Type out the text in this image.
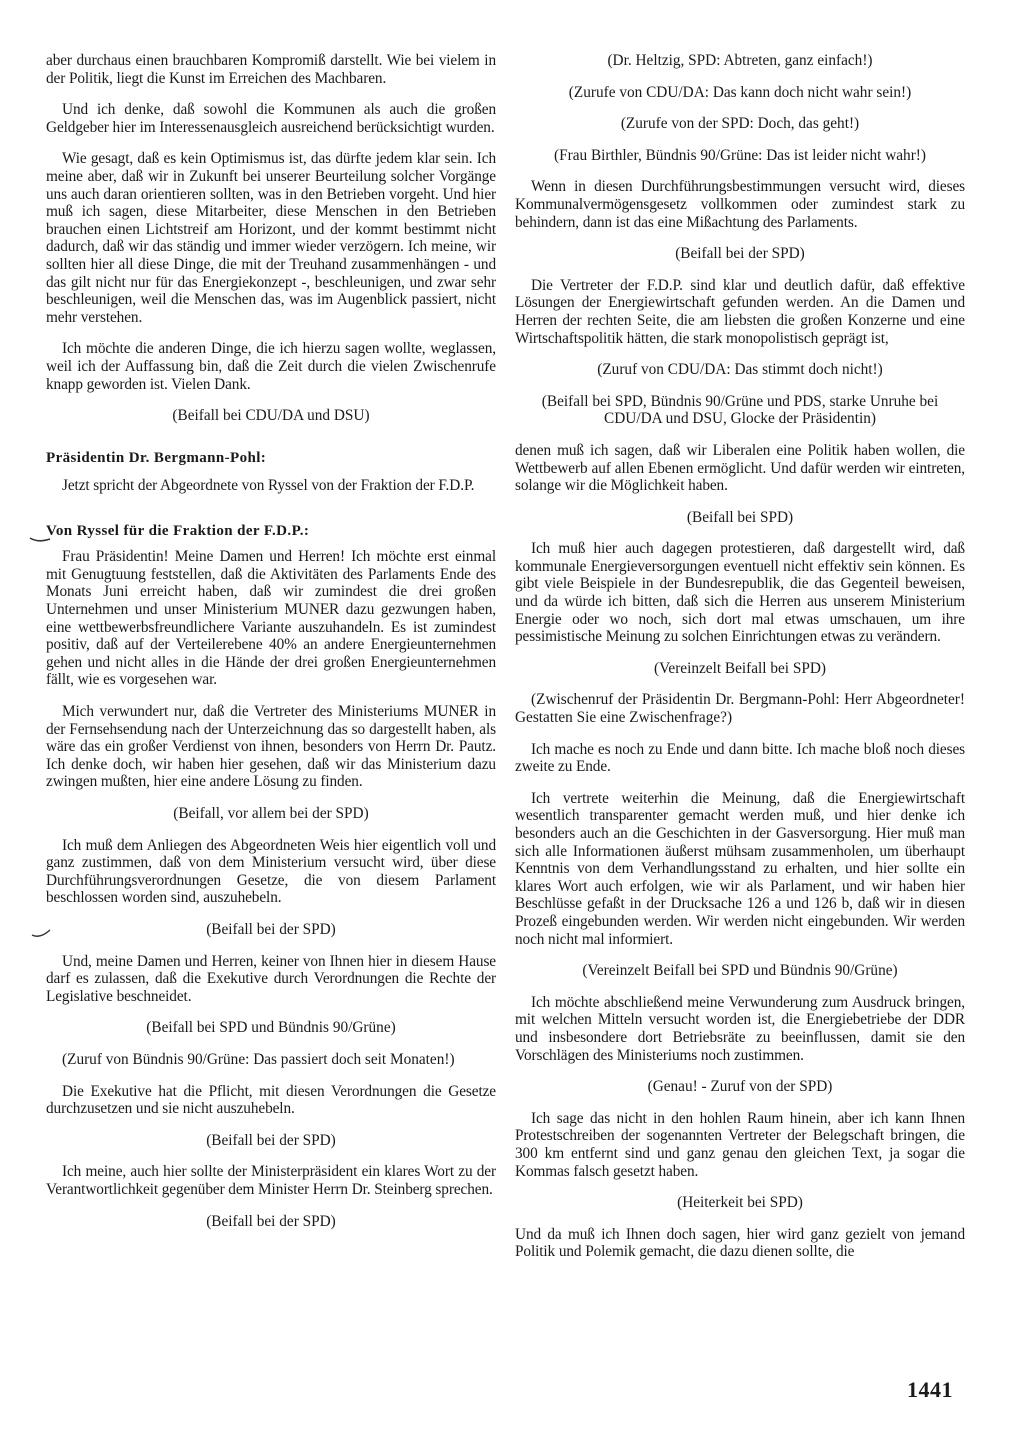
aber durchaus einen brauchbaren Kompromiß darstellt. Wie bei vielem in der Politik, liegt die Kunst im Erreichen des Machbaren.

Und ich denke, daß sowohl die Kommunen als auch die großen Geldgeber hier im Interessenausgleich ausreichend berücksichtigt wurden.

Wie gesagt, daß es kein Optimismus ist, das dürfte jedem klar sein. Ich meine aber, daß wir in Zukunft bei unserer Beurteilung solcher Vorgänge uns auch daran orientieren sollten, was in den Betrieben vorgeht. Und hier muß ich sagen, diese Mitarbeiter, diese Menschen in den Betrieben brauchen einen Lichtstreif am Horizont, und der kommt bestimmt nicht dadurch, daß wir das ständig und immer wieder verzögern. Ich meine, wir sollten hier all diese Dinge, die mit der Treuhand zusammenhängen - und das gilt nicht nur für das Energiekonzept -, beschleunigen, und zwar sehr beschleunigen, weil die Menschen das, was im Augenblick passiert, nicht mehr verstehen.

Ich möchte die anderen Dinge, die ich hierzu sagen wollte, weglassen, weil ich der Auffassung bin, daß die Zeit durch die vielen Zwischenrufe knapp geworden ist. Vielen Dank.

(Beifall bei CDU/DA und DSU)

Präsidentin Dr. Bergmann-Pohl:

Jetzt spricht der Abgeordnete von Ryssel von der Fraktion der F.D.P.

Von Ryssel für die Fraktion der F.D.P.:

Frau Präsidentin! Meine Damen und Herren! Ich möchte erst einmal mit Genugtuung feststellen, daß die Aktivitäten des Parlaments Ende des Monats Juni erreicht haben, daß wir zumindest die drei großen Unternehmen und unser Ministerium MUNER dazu gezwungen haben, eine wettbewerbsfreundlichere Variante auszuhandeln. Es ist zumindest positiv, daß auf der Verteilerebene 40% an andere Energieunternehmen gehen und nicht alles in die Hände der drei großen Energieunternehmen fällt, wie es vorgesehen war.

Mich verwundert nur, daß die Vertreter des Ministeriums MUNER in der Fernsehsendung nach der Unterzeichnung das so dargestellt haben, als wäre das ein großer Verdienst von ihnen, besonders von Herrn Dr. Pautz. Ich denke doch, wir haben hier gesehen, daß wir das Ministerium dazu zwingen mußten, hier eine andere Lösung zu finden.

(Beifall, vor allem bei der SPD)

Ich muß dem Anliegen des Abgeordneten Weis hier eigentlich voll und ganz zustimmen, daß von dem Ministerium versucht wird, über diese Durchführungsverordnungen Gesetze, die von diesem Parlament beschlossen worden sind, auszuhebeln.

(Beifall bei der SPD)

Und, meine Damen und Herren, keiner von Ihnen hier in diesem Hause darf es zulassen, daß die Exekutive durch Verordnungen die Rechte der Legislative beschneidet.

(Beifall bei SPD und Bündnis 90/Grüne)

(Zuruf von Bündnis 90/Grüne: Das passiert doch seit Monaten!)

Die Exekutive hat die Pflicht, mit diesen Verordnungen die Gesetze durchzusetzen und sie nicht auszuhebeln.

(Beifall bei der SPD)

Ich meine, auch hier sollte der Ministerpräsident ein klares Wort zu der Verantwortlichkeit gegenüber dem Minister Herrn Dr. Steinberg sprechen.

(Beifall bei der SPD)

(Dr. Heltzig, SPD: Abtreten, ganz einfach!)

(Zurufe von CDU/DA: Das kann doch nicht wahr sein!)

(Zurufe von der SPD: Doch, das geht!)

(Frau Birthler, Bündnis 90/Grüne: Das ist leider nicht wahr!)

Wenn in diesen Durchführungsbestimmungen versucht wird, dieses Kommunalvermögensgesetz vollkommen oder zumindest stark zu behindern, dann ist das eine Mißachtung des Parlaments.

(Beifall bei der SPD)

Die Vertreter der F.D.P. sind klar und deutlich dafür, daß effektive Lösungen der Energiewirtschaft gefunden werden. An die Damen und Herren der rechten Seite, die am liebsten die großen Konzerne und eine Wirtschaftspolitik hätten, die stark monopolistisch geprägt ist,

(Zuruf von CDU/DA: Das stimmt doch nicht!)

(Beifall bei SPD, Bündnis 90/Grüne und PDS, starke Unruhe bei CDU/DA und DSU, Glocke der Präsidentin)

denen muß ich sagen, daß wir Liberalen eine Politik haben wollen, die Wettbewerb auf allen Ebenen ermöglicht. Und dafür werden wir eintreten, solange wir die Möglichkeit haben.

(Beifall bei SPD)

Ich muß hier auch dagegen protestieren, daß dargestellt wird, daß kommunale Energieversorgungen eventuell nicht effektiv sein können. Es gibt viele Beispiele in der Bundesrepublik, die das Gegenteil beweisen, und da würde ich bitten, daß sich die Herren aus unserem Ministerium Energie oder wo noch, sich dort mal etwas umschauen, um ihre pessimistische Meinung zu solchen Einrichtungen etwas zu verändern.

(Vereinzelt Beifall bei SPD)

(Zwischenruf der Präsidentin Dr. Bergmann-Pohl: Herr Abgeordneter! Gestatten Sie eine Zwischenfrage?)

Ich mache es noch zu Ende und dann bitte. Ich mache bloß noch dieses zweite zu Ende.

Ich vertrete weiterhin die Meinung, daß die Energiewirtschaft wesentlich transparenter gemacht werden muß, und hier denke ich besonders auch an die Geschichten in der Gasversorgung. Hier muß man sich alle Informationen äußerst mühsam zusammenholen, um überhaupt Kenntnis von dem Verhandlungsstand zu erhalten, und hier sollte ein klares Wort auch erfolgen, wie wir als Parlament, und wir haben hier Beschlüsse gefaßt in der Drucksache 126 a und 126 b, daß wir in diesen Prozeß eingebunden werden. Wir werden nicht eingebunden. Wir werden noch nicht mal informiert.

(Vereinzelt Beifall bei SPD und Bündnis 90/Grüne)

Ich möchte abschließend meine Verwunderung zum Ausdruck bringen, mit welchen Mitteln versucht worden ist, die Energiebetriebe der DDR und insbesondere dort Betriebsräte zu beeinflussen, damit sie den Vorschlägen des Ministeriums noch zustimmen.

(Genau! - Zuruf von der SPD)

Ich sage das nicht in den hohlen Raum hinein, aber ich kann Ihnen Protestschreiben der sogenannten Vertreter der Belegschaft bringen, die 300 km entfernt sind und ganz genau den gleichen Text, ja sogar die Kommas falsch gesetzt haben.

(Heiterkeit bei SPD)

Und da muß ich Ihnen doch sagen, hier wird ganz gezielt von jemand Politik und Polemik gemacht, die dazu dienen sollte, die

1441
